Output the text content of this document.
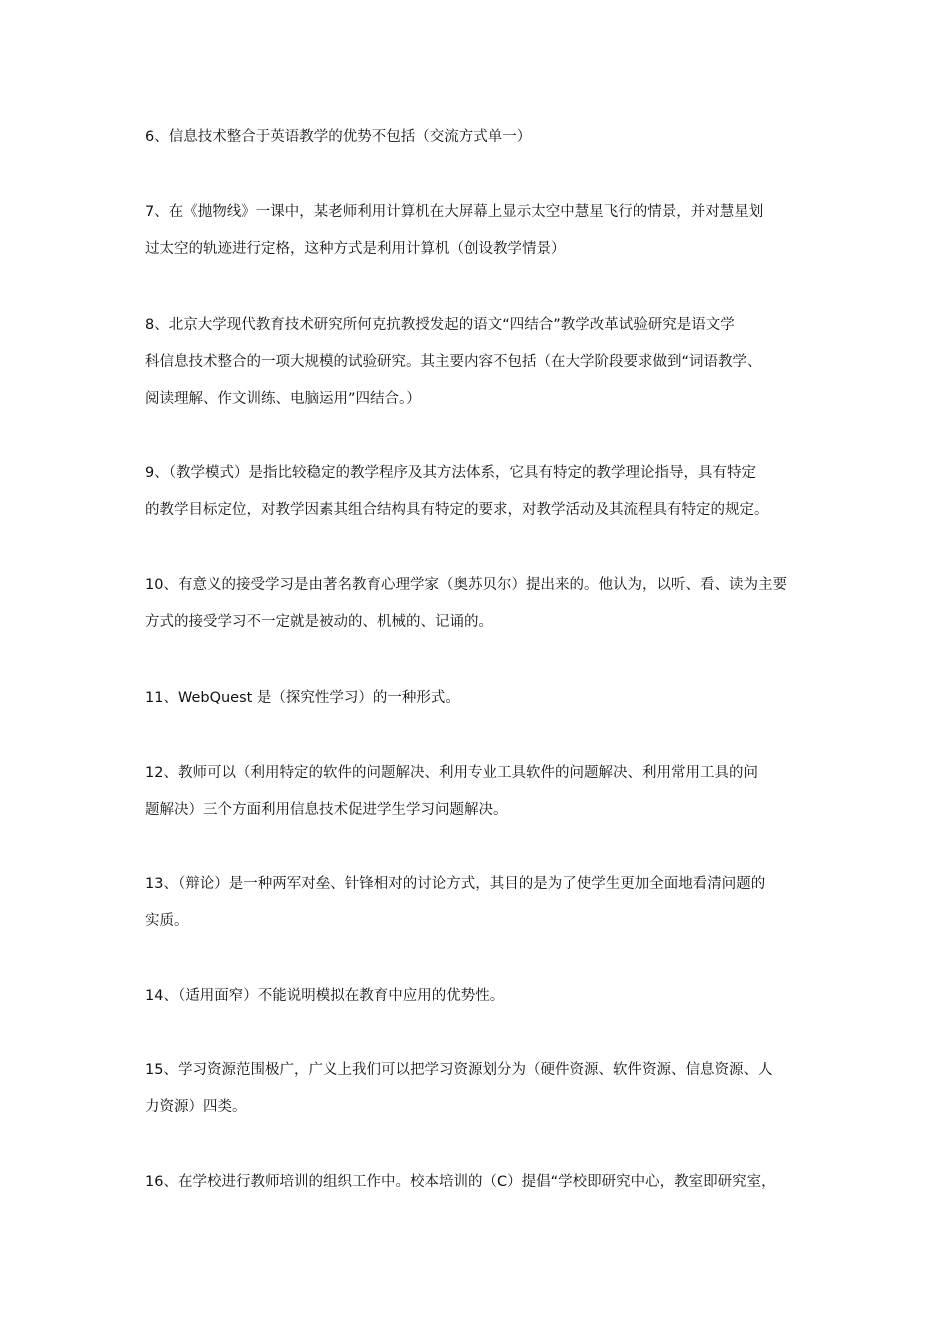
6、信息技术整合于英语教学的优势不包括（交流方式单一）

7、在《抛物线》一课中，某老师利用计算机在大屏幕上显示太空中慧星飞行的情景，并对慧星划
过太空的轨迹进行定格，这种方式是利用计算机（创设教学情景）

8、北京大学现代教育技术研究所何克抗教授发起的语文“四结合”教学改革试验研究是语文学
科信息技术整合的一项大规模的试验研究。其主要内容不包括（在大学阶段要求做到“词语教学、
阅读理解、作文训练、电脑运用”四结合。）

9、（教学模式）是指比较稳定的教学程序及其方法体系，它具有特定的教学理论指导，具有特定
的教学目标定位，对教学因素其组合结构具有特定的要求，对教学活动及其流程具有特定的规定。

10、有意义的接受学习是由著名教育心理学家（奥苏贝尔）提出来的。他认为，以听、看、读为主要
方式的接受学习不一定就是被动的、机械的、记诵的。

11、WebQuest 是（探究性学习）的一种形式。

12、教师可以（利用特定的软件的问题解决、利用专业工具软件的问题解决、利用常用工具的问
题解决）三个方面利用信息技术促进学生学习问题解决。

13、（辩论）是一种两军对垒、针锋相对的讨论方式，其目的是为了使学生更加全面地看清问题的
实质。

14、（适用面窄）不能说明模拟在教育中应用的优势性。

15、学习资源范围极广，广义上我们可以把学习资源划分为（硬件资源、软件资源、信息资源、人
力资源）四类。

16、在学校进行教师培训的组织工作中。校本培训的（C）提倡“学校即研究中心，教室即研究室，
